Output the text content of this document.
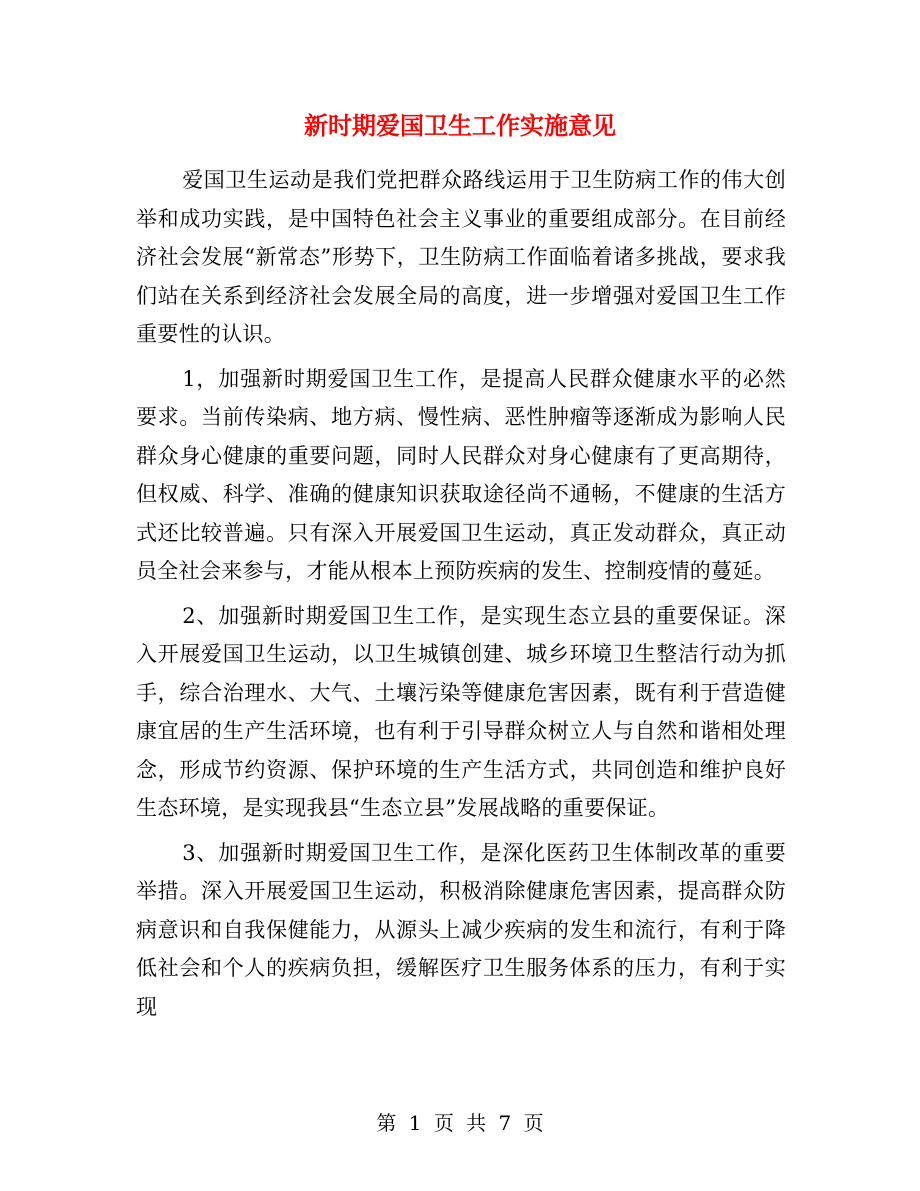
新时期爱国卫生工作实施意见

爱国卫生运动是我们党把群众路线运用于卫生防病工作的伟大创举和成功实践，是中国特色社会主义事业的重要组成部分。在目前经济社会发展“新常态”形势下，卫生防病工作面临着诸多挑战，要求我们站在关系到经济社会发展全局的高度，进一步增强对爱国卫生工作重要性的认识。

1，加强新时期爱国卫生工作，是提高人民群众健康水平的必然要求。当前传染病、地方病、慢性病、恶性肿瘤等逐渐成为影响人民群众身心健康的重要问题，同时人民群众对身心健康有了更高期待，但权威、科学、准确的健康知识获取途径尚不通畅，不健康的生活方式还比较普遍。只有深入开展爱国卫生运动，真正发动群众，真正动员全社会来参与，才能从根本上预防疾病的发生、控制疫情的蔓延。

2、加强新时期爱国卫生工作，是实现生态立县的重要保证。深入开展爱国卫生运动，以卫生城镇创建、城乡环境卫生整洁行动为抓手，综合治理水、大气、土壤污染等健康危害因素，既有利于营造健康宜居的生产生活环境，也有利于引导群众树立人与自然和谐相处理念，形成节约资源、保护环境的生产生活方式，共同创造和维护良好生态环境，是实现我县“生态立县”发展战略的重要保证。

3、加强新时期爱国卫生工作，是深化医药卫生体制改革的重要举措。深入开展爱国卫生运动，积极消除健康危害因素，提高群众防病意识和自我保健能力，从源头上减少疾病的发生和流行，有利于降低社会和个人的疾病负担，缓解医疗卫生服务体系的压力，有利于实现

第 1 页 共 7 页
